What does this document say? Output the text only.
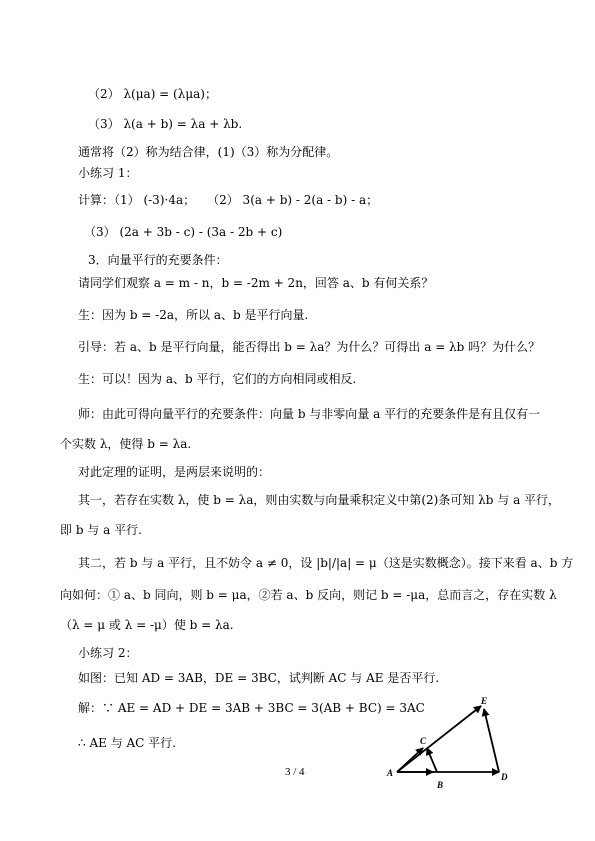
（2） λ(μa) = (λμa)；
（3） λ(a + b) = λa + λb.
通常将（2）称为结合律，(1)（3）称为分配律。
小练习 1：
计算：（1） (-3)·4a；　　（2） 3(a + b) - 2(a - b) - a；
（3） (2a + 3b - c) - (3a - 2b + c)
3．向量平行的充要条件：
请同学们观察 a = m - n，b = -2m + 2n，回答 a、b 有何关系？
生：因为 b = -2a，所以 a、b 是平行向量.
引导：若 a、b 是平行向量，能否得出 b = λa？为什么？可得出 a = λb 吗？为什么？
生：可以！因为 a、b 平行，它们的方向相同或相反.
师：由此可得向量平行的充要条件：向量 b 与非零向量 a 平行的充要条件是有且仅有一
个实数 λ，使得 b = λa.
对此定理的证明，是两层来说明的：
其一，若存在实数 λ，使 b = λa，则由实数与向量乘积定义中第(2)条可知 λb 与 a 平行，
即 b 与 a 平行.
其二，若 b 与 a 平行，且不妨令 a ≠ 0，设 |b|/|a| = μ（这是实数概念）。接下来看 a、b 方
向如何：① a、b 同向，则 b = μa，②若 a、b 反向，则记 b = -μa，总而言之，存在实数 λ
（λ = μ 或 λ = -μ）使 b = λa.
小练习 2：
如图：已知 AD = 3AB，DE = 3BC，试判断 AC 与 AE 是否平行.
解：∵ AE = AD + DE = 3AB + 3BC = 3(AB + BC) = 3AC
∴ AE 与 AC 平行.
A
B
C
D
E
3 / 4
